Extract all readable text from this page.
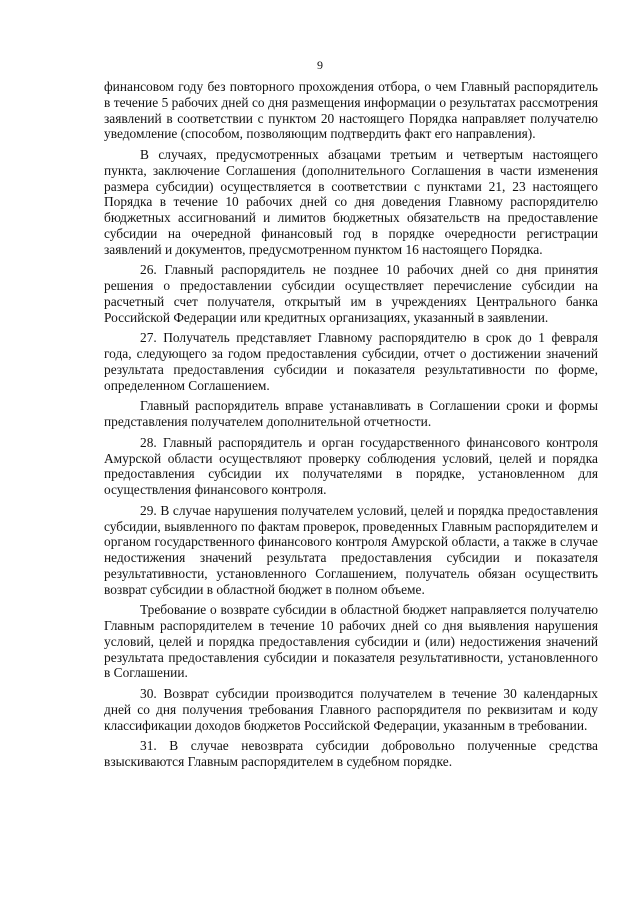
9

финансовом году без повторного прохождения отбора, о чем Главный распорядитель в течение 5 рабочих дней со дня размещения информации о результатах рассмотрения заявлений в соответствии с пунктом 20 настоящего Порядка направляет получателю уведомление (способом, позволяющим подтвердить факт его направления).

В случаях, предусмотренных абзацами третьим и четвертым настоящего пункта, заключение Соглашения (дополнительного Соглашения в части изменения размера субсидии) осуществляется в соответствии с пунктами 21, 23 настоящего Порядка в течение 10 рабочих дней со дня доведения Главному распорядителю бюджетных ассигнований и лимитов бюджетных обязательств на предоставление субсидии на очередной финансовый год в порядке очередности регистрации заявлений и документов, предусмотренном пунктом 16 настоящего Порядка.

26. Главный распорядитель не позднее 10 рабочих дней со дня принятия решения о предоставлении субсидии осуществляет перечисление субсидии на расчетный счет получателя, открытый им в учреждениях Центрального банка Российской Федерации или кредитных организациях, указанный в заявлении.

27. Получатель представляет Главному распорядителю в срок до 1 февраля года, следующего за годом предоставления субсидии, отчет о достижении значений результата предоставления субсидии и показателя результативности по форме, определенном Соглашением.

Главный распорядитель вправе устанавливать в Соглашении сроки и формы представления получателем дополнительной отчетности.

28. Главный распорядитель и орган государственного финансового контроля Амурской области осуществляют проверку соблюдения условий, целей и порядка предоставления субсидии их получателями в порядке, установленном для осуществления финансового контроля.

29. В случае нарушения получателем условий, целей и порядка предоставления субсидии, выявленного по фактам проверок, проведенных Главным распорядителем и органом государственного финансового контроля Амурской области, а также в случае недостижения значений результата предоставления субсидии и показателя результативности, установленного Соглашением, получатель обязан осуществить возврат субсидии в областной бюджет в полном объеме.

Требование о возврате субсидии в областной бюджет направляется получателю Главным распорядителем в течение 10 рабочих дней со дня выявления нарушения условий, целей и порядка предоставления субсидии и (или) недостижения значений результата предоставления субсидии и показателя результативности, установленного в Соглашении.

30. Возврат субсидии производится получателем в течение 30 календарных дней со дня получения требования Главного распорядителя по реквизитам и коду классификации доходов бюджетов Российской Федерации, указанным в требовании.

31. В случае невозврата субсидии добровольно полученные средства взыскиваются Главным распорядителем в судебном порядке.
